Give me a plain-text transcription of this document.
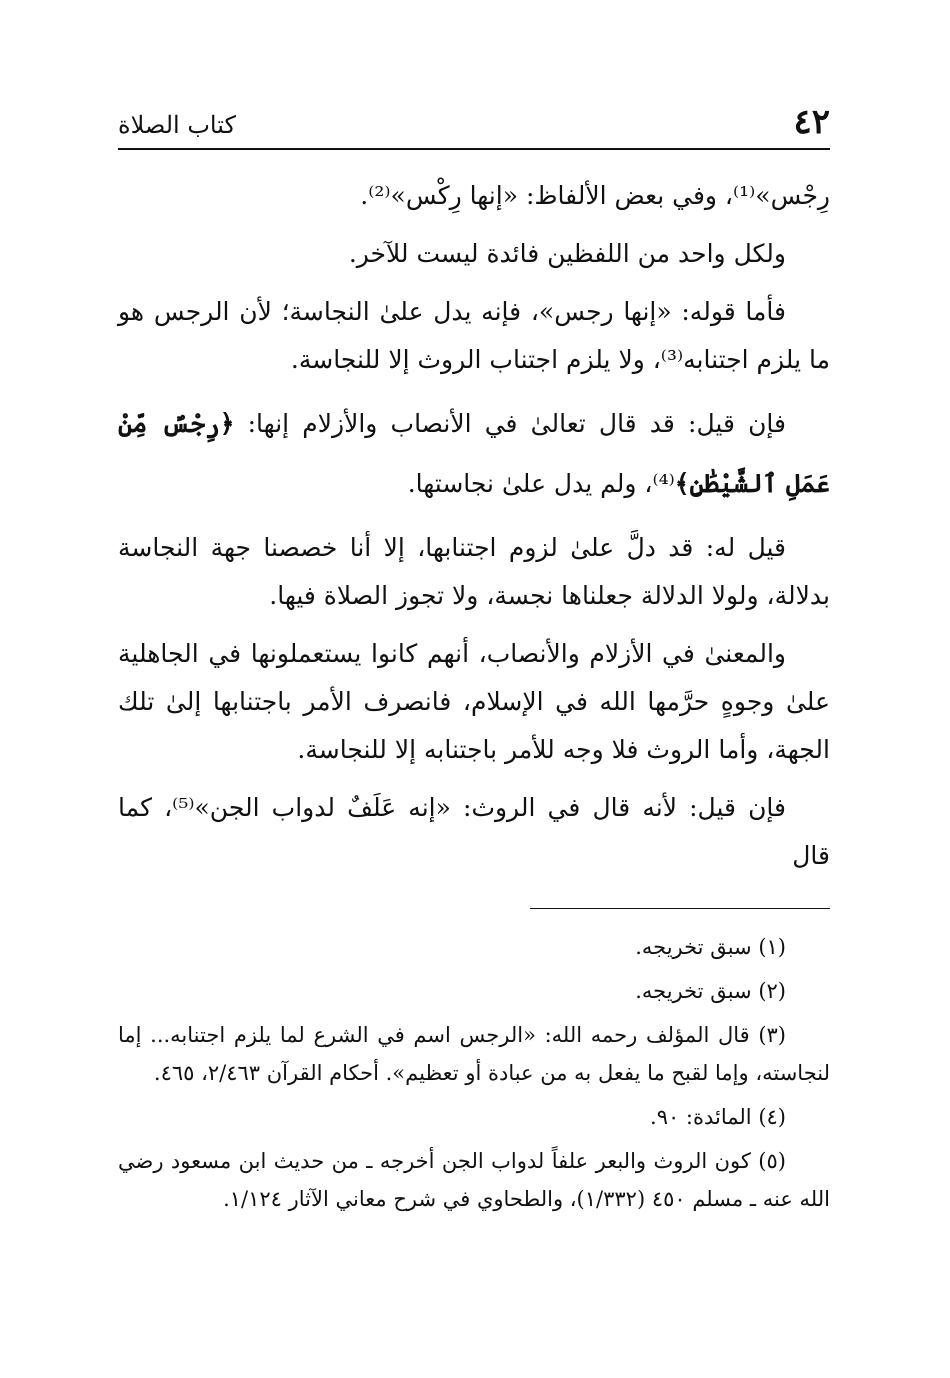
٤٢
كتاب الصلاة

رِجْس»⁽¹⁾، وفي بعض الألفاظ: «إنها رِكْس»⁽²⁾.

ولكل واحد من اللفظين فائدة ليست للآخر.

فأما قوله: «إنها رجس»، فإنه يدل علىٰ النجاسة؛ لأن الرجس هو ما يلزم اجتنابه⁽³⁾، ولا يلزم اجتناب الروث إلا للنجاسة.

فإن قيل: قد قال تعالىٰ في الأنصاب والأزلام إنها: ﴿رِجْسٌ مِّنْ عَمَلِ ٱلشَّيْطَٰنِ﴾⁽⁴⁾، ولم يدل علىٰ نجاستها.

قيل له: قد دلَّ علىٰ لزوم اجتنابها، إلا أنا خصصنا جهة النجاسة بدلالة، ولولا الدلالة جعلناها نجسة، ولا تجوز الصلاة فيها.

والمعنىٰ في الأزلام والأنصاب، أنهم كانوا يستعملونها في الجاهلية علىٰ وجوهٍ حرَّمها الله في الإسلام، فانصرف الأمر باجتنابها إلىٰ تلك الجهة، وأما الروث فلا وجه للأمر باجتنابه إلا للنجاسة.

فإن قيل: لأنه قال في الروث: «إنه عَلَفٌ لدواب الجن»⁽⁵⁾، كما قال

(١) سبق تخريجه.

(٢) سبق تخريجه.

(٣) قال المؤلف رحمه الله: «الرجس اسم في الشرع لما يلزم اجتنابه... إما لنجاسته، وإما لقبح ما يفعل به من عبادة أو تعظيم». أحكام القرآن ٢/٤٦٣، ٤٦٥.

(٤) المائدة: ٩٠.

(٥) كون الروث والبعر علفاً لدواب الجن أخرجه ـ من حديث ابن مسعود رضي الله عنه ـ مسلم ٤٥٠ (١/٣٣٢)، والطحاوي في شرح معاني الآثار ١/١٢٤.
